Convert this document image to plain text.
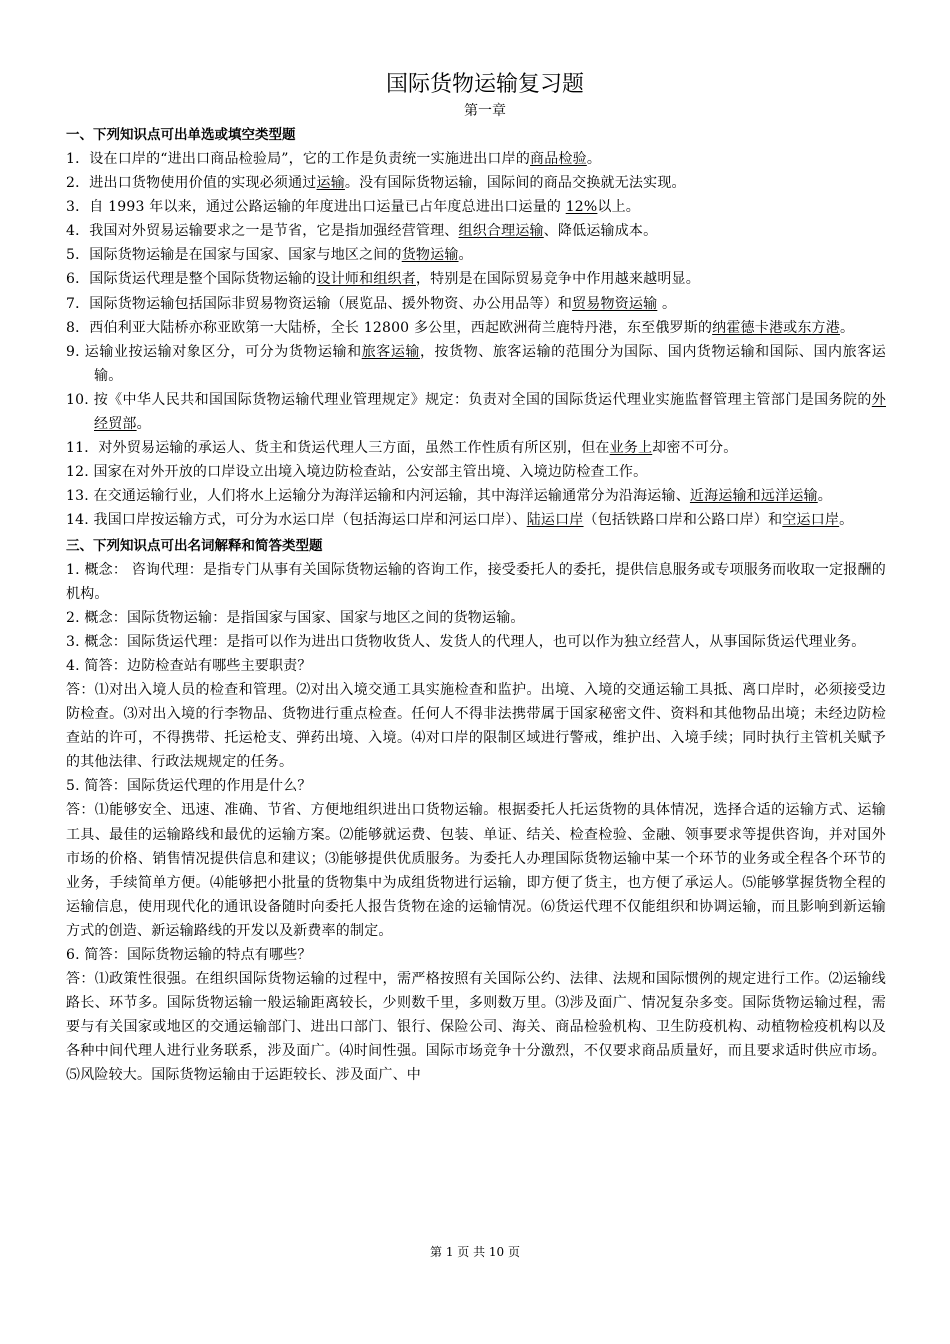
国际货物运输复习题
第一章
一、下列知识点可出单选或填空类型题
1．设在口岸的“进出口商品检验局”，它的工作是负责统一实施进出口岸的商品检验。
2．进出口货物使用价值的实现必须通过运输。没有国际货物运输，国际间的商品交换就无法实现。
3．自 1993 年以来，通过公路运输的年度进出口运量已占年度总进出口运量的 12%以上。
4．我国对外贸易运输要求之一是节省，它是指加强经营管理、组织合理运输、降低运输成本。
5．国际货物运输是在国家与国家、国家与地区之间的货物运输。
6．国际货运代理是整个国际货物运输的设计师和组织者，特别是在国际贸易竞争中作用越来越明显。
7．国际货物运输包括国际非贸易物资运输（展览品、援外物资、办公用品等）和贸易物资运输 。
8．西伯利亚大陆桥亦称亚欧第一大陆桥，全长 12800 多公里，西起欧洲荷兰鹿特丹港，东至俄罗斯的纳霍德卡港或东方港。
9. 运输业按运输对象区分，可分为货物运输和旅客运输，按货物、旅客运输的范围分为国际、国内货物运输和国际、国内旅客运输。
10. 按《中华人民共和国国际货物运输代理业管理规定》规定：负责对全国的国际货运代理业实施监督管理主管部门是国务院的外经贸部。
11．对外贸易运输的承运人、货主和货运代理人三方面，虽然工作性质有所区别，但在业务上却密不可分。
12. 国家在对外开放的口岸设立出境入境边防检查站，公安部主管出境、入境边防检查工作。
13. 在交通运输行业，人们将水上运输分为海洋运输和内河运输，其中海洋运输通常分为沿海运输、近海运输和远洋运输。
14. 我国口岸按运输方式，可分为水运口岸（包括海运口岸和河运口岸）、陆运口岸（包括铁路口岸和公路口岸）和空运口岸。
三、下列知识点可出名词解释和简答类型题
1. 概念： 咨询代理：是指专门从事有关国际货物运输的咨询工作，接受委托人的委托，提供信息服务或专项服务而收取一定报酬的机构。
2. 概念：国际货物运输：是指国家与国家、国家与地区之间的货物运输。
3. 概念：国际货运代理：是指可以作为进出口货物收货人、发货人的代理人，也可以作为独立经营人，从事国际货运代理业务。
4. 简答：边防检查站有哪些主要职责？
答：⑴对出入境人员的检查和管理。⑵对出入境交通工具实施检查和监护。出境、入境的交通运输工具抵、离口岸时，必须接受边防检查。⑶对出入境的行李物品、货物进行重点检查。任何人不得非法携带属于国家秘密文件、资料和其他物品出境；未经边防检查站的许可，不得携带、托运枪支、弹药出境、入境。⑷对口岸的限制区域进行警戒，维护出、入境手续；同时执行主管机关赋予的其他法律、行政法规规定的任务。
5. 简答：国际货运代理的作用是什么？
答：⑴能够安全、迅速、准确、节省、方便地组织进出口货物运输。根据委托人托运货物的具体情况，选择合适的运输方式、运输工具、最佳的运输路线和最优的运输方案。⑵能够就运费、包装、单证、结关、检查检验、金融、领事要求等提供咨询，并对国外市场的价格、销售情况提供信息和建议；⑶能够提供优质服务。为委托人办理国际货物运输中某一个环节的业务或全程各个环节的业务，手续简单方便。⑷能够把小批量的货物集中为成组货物进行运输，即方便了货主，也方便了承运人。⑸能够掌握货物全程的运输信息，使用现代化的通讯设备随时向委托人报告货物在途的运输情况。⑹货运代理不仅能组织和协调运输，而且影响到新运输方式的创造、新运输路线的开发以及新费率的制定。
6. 简答：国际货物运输的特点有哪些？
答：⑴政策性很强。在组织国际货物运输的过程中，需严格按照有关国际公约、法律、法规和国际惯例的规定进行工作。⑵运输线路长、环节多。国际货物运输一般运输距离较长，少则数千里，多则数万里。⑶涉及面广、情况复杂多变。国际货物运输过程，需要与有关国家或地区的交通运输部门、进出口部门、银行、保险公司、海关、商品检验机构、卫生防疫机构、动植物检疫机构以及各种中间代理人进行业务联系，涉及面广。⑷时间性强。国际市场竞争十分激烈，不仅要求商品质量好，而且要求适时供应市场。⑸风险较大。国际货物运输由于运距较长、涉及面广、中
第 1 页 共 10 页
